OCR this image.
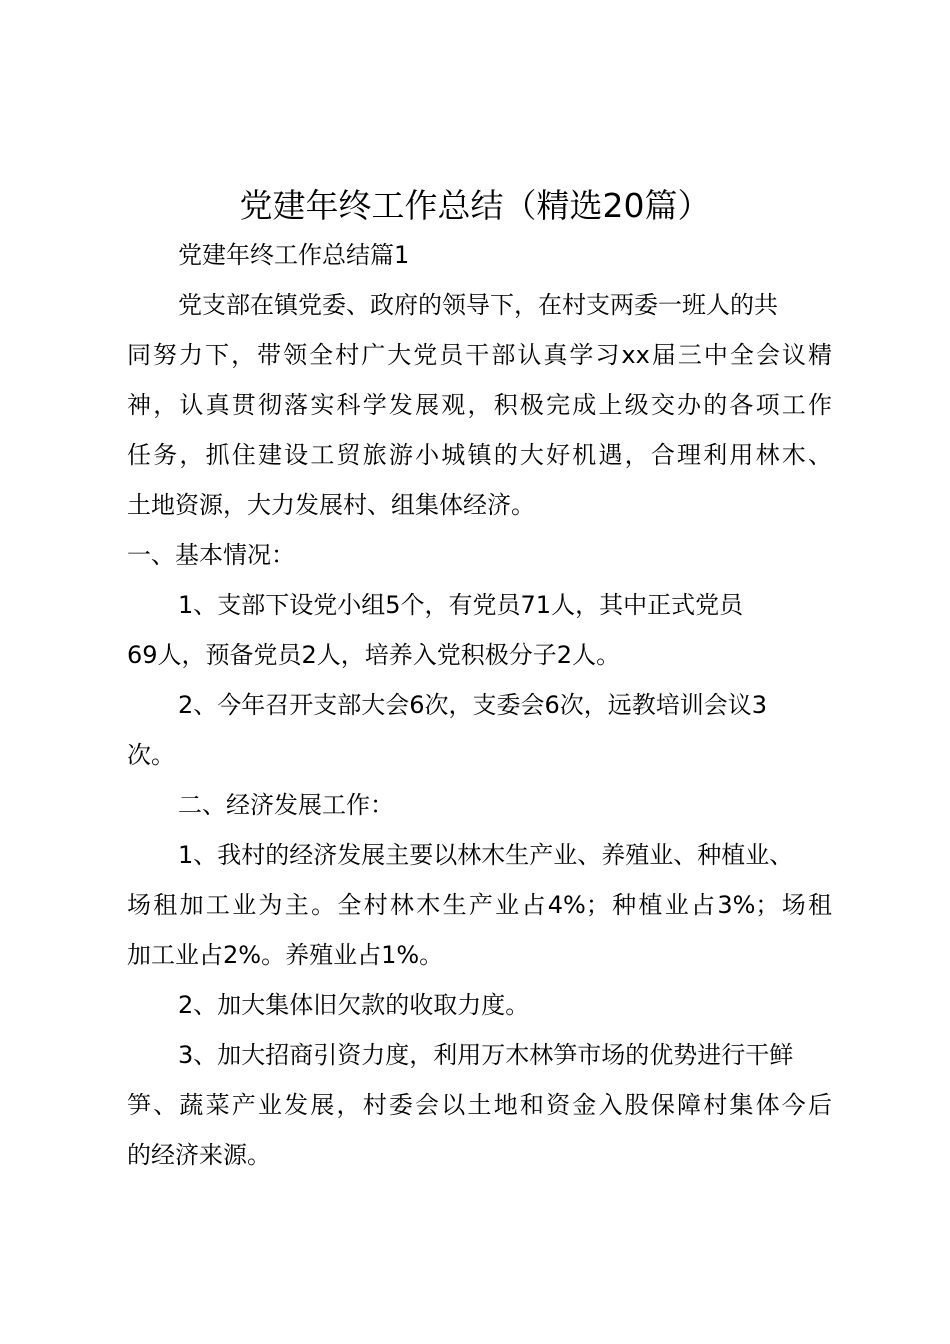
党建年终工作总结（精选20篇）
党建年终工作总结篇1
党支部在镇党委、政府的领导下，在村支两委一班人的共
同努力下，带领全村广大党员干部认真学习xx届三中全会议精
神，认真贯彻落实科学发展观，积极完成上级交办的各项工作
任务，抓住建设工贸旅游小城镇的大好机遇，合理利用林木、
土地资源，大力发展村、组集体经济。
一、基本情况：
1、支部下设党小组5个，有党员71人，其中正式党员
69人，预备党员2人，培养入党积极分子2人。
2、今年召开支部大会6次，支委会6次，远教培训会议3
次。
二、经济发展工作：
1、我村的经济发展主要以林木生产业、养殖业、种植业、
场租加工业为主。全村林木生产业占4%；种植业占3%；场租
加工业占2%。养殖业占1%。
2、加大集体旧欠款的收取力度。
3、加大招商引资力度，利用万木林笋市场的优势进行干鲜
笋、蔬菜产业发展，村委会以土地和资金入股保障村集体今后
的经济来源。
